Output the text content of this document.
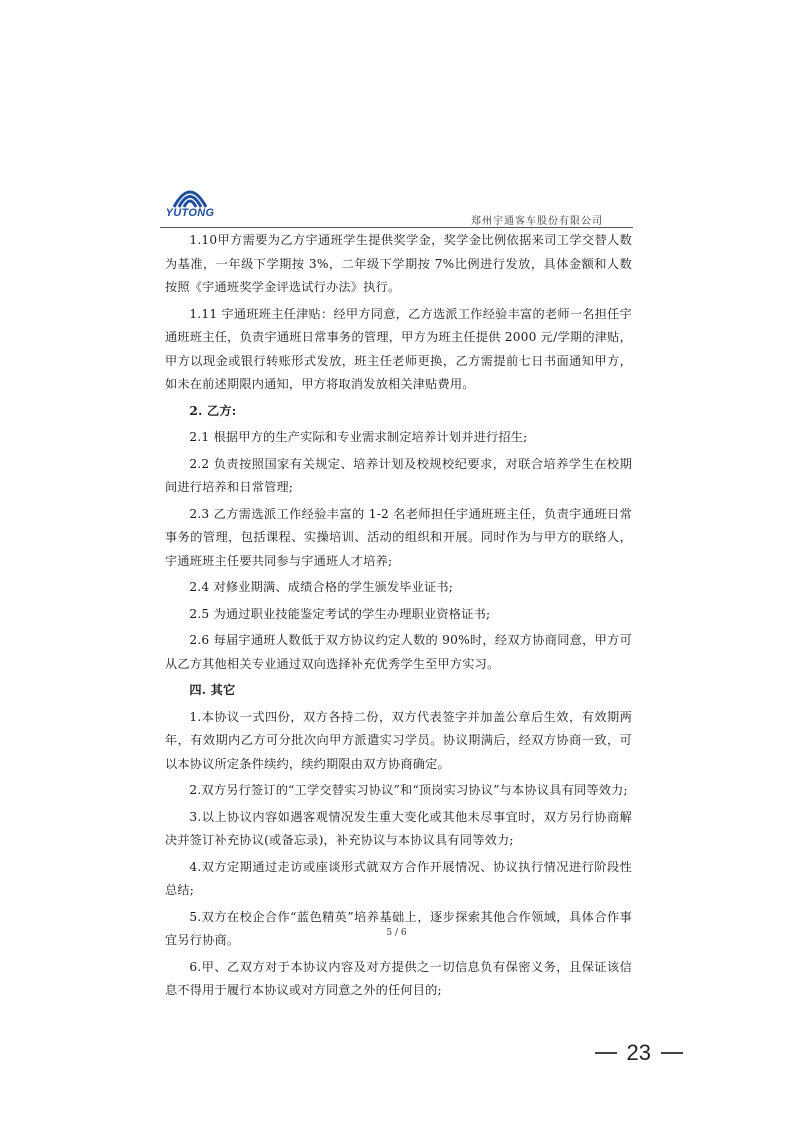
YUTONG
郑州宇通客车股份有限公司

1.10甲方需要为乙方宇通班学生提供奖学金，奖学金比例依据来司工学交替人数为基准，一年级下学期按 3%，二年级下学期按 7%比例进行发放，具体金额和人数按照《宇通班奖学金评选试行办法》执行。

1.11 宇通班班主任津贴：经甲方同意，乙方选派工作经验丰富的老师一名担任宇通班班主任，负责宇通班日常事务的管理，甲方为班主任提供 2000 元/学期的津贴，甲方以现金或银行转账形式发放，班主任老师更换，乙方需提前七日书面通知甲方，如未在前述期限内通知，甲方将取消发放相关津贴费用。

2. 乙方:

2.1 根据甲方的生产实际和专业需求制定培养计划并进行招生;

2.2 负责按照国家有关规定、培养计划及校规校纪要求，对联合培养学生在校期间进行培养和日常管理;

2.3 乙方需选派工作经验丰富的 1-2 名老师担任宇通班班主任，负责宇通班日常事务的管理，包括课程、实操培训、活动的组织和开展。同时作为与甲方的联络人，宇通班班主任要共同参与宇通班人才培养;

2.4 对修业期满、成绩合格的学生颁发毕业证书;

2.5 为通过职业技能鉴定考试的学生办理职业资格证书;

2.6 每届宇通班人数低于双方协议约定人数的 90%时，经双方协商同意，甲方可从乙方其他相关专业通过双向选择补充优秀学生至甲方实习。

四. 其它

1.本协议一式四份，双方各持二份，双方代表签字并加盖公章后生效，有效期两年，有效期内乙方可分批次向甲方派遣实习学员。协议期满后，经双方协商一致，可以本协议所定条件续约，续约期限由双方协商确定。

2.双方另行签订的“工学交替实习协议”和“顶岗实习协议”与本协议具有同等效力;

3.以上协议内容如遇客观情况发生重大变化或其他未尽事宜时，双方另行协商解决并签订补充协议(或备忘录)，补充协议与本协议具有同等效力;

4.双方定期通过走访或座谈形式就双方合作开展情况、协议执行情况进行阶段性总结;

5.双方在校企合作“蓝色精英”培养基础上，逐步探索其他合作领域，具体合作事宜另行协商。

6.甲、乙双方对于本协议内容及对方提供之一切信息负有保密义务，且保证该信息不得用于履行本协议或对方同意之外的任何目的;

5 / 6
23
